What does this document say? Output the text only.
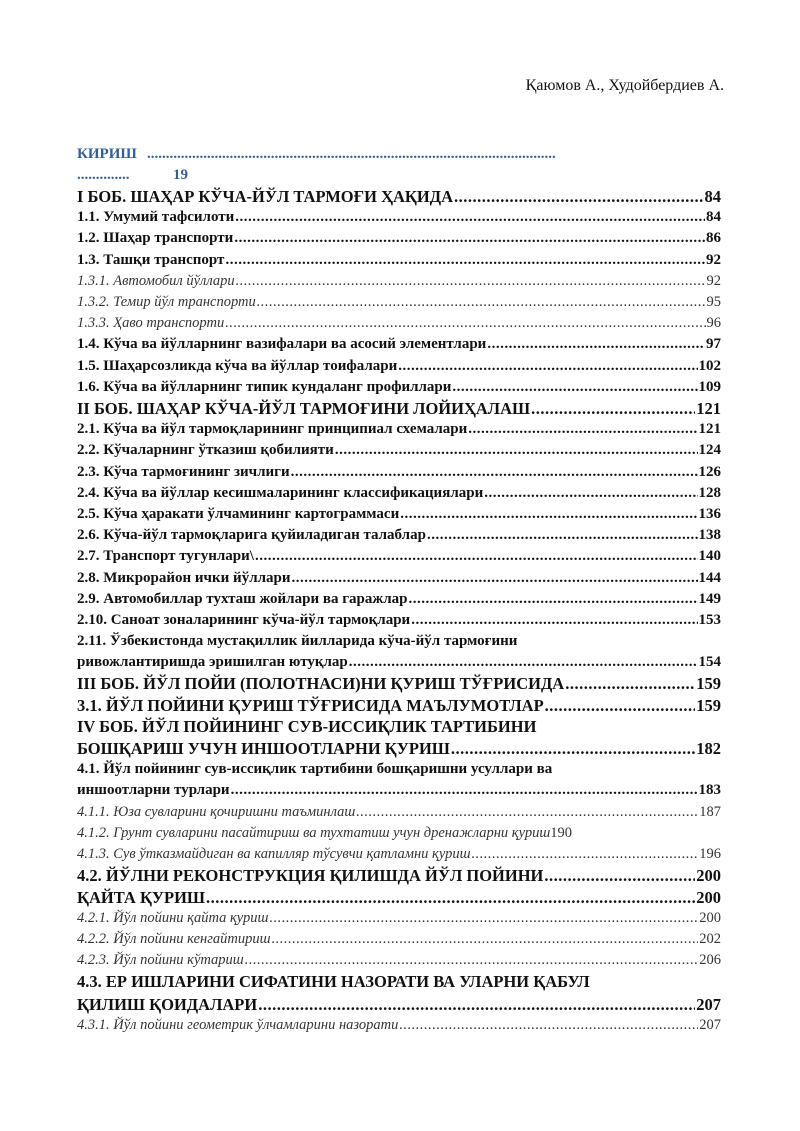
Қаюмов А., Худойбердиев А.
КИРИШ .............................................................................................................
..............	19
I БОБ. ШАҲАР КЎЧА-ЙЎЛ ТАРМОҒИ ҲАҚИДА .....	84
1.1. Умумий тафсилоти .....	84
1.2. Шаҳар транспорти .....	86
1.3. Ташқи транспорт .....	92
1.3.1. Автомобил йўллари .....	92
1.3.2. Темир йўл транспорти .....	95
1.3.3. Ҳаво транспорти .....	96
1.4. Кўча ва йўлларнинг вазифалари ва асосий элементлари .....	97
1.5. Шаҳарсозликда кўча ва йўллар тоифалари .....	102
1.6. Кўча ва йўлларнинг типик кундаланг профиллари .....	109
II БОБ. ШАҲАР КЎЧА-ЙЎЛ ТАРМОҒИНИ ЛОЙИҲАЛАШ .....	121
2.1. Кўча ва йўл тармоқларининг принципиал схемалари .....	121
2.2. Кўчаларнинг ўтказиш қобилияти .....	124
2.3. Кўча тармоғининг зичлиги .....	126
2.4. Кўча ва йўллар кесишмаларининг классификациялари .....	128
2.5. Кўча ҳаракати ўлчамининг картограммаси .....	136
2.6. Кўча-йўл тармоқларига қуйиладиган талаблар .....	138
2.7. Транспорт тугунлари\ .....	140
2.8. Микрорайон ички йўллари .....	144
2.9. Автомобиллар тухташ жойлари ва гаражлар .....	149
2.10. Саноат зоналарининг кўча-йўл тармоқлари .....	153
2.11. Ўзбекистонда мустақиллик йилларида кўча-йўл тармоғини
ривожлантиришда эришилган ютуқлар .....	154
III БОБ. ЙЎЛ ПОЙИ (ПОЛОТНАСИ)НИ ҚУРИШ ТЎҒРИСИДА .....	159
3.1. ЙЎЛ ПОЙИНИ ҚУРИШ ТЎҒРИСИДА МАЪЛУМОТЛАР .....	159
IV БОБ. ЙЎЛ ПОЙИНИНГ СУВ-ИССИҚЛИК ТАРТИБИНИ
БОШҚАРИШ УЧУН ИНШООТЛАРНИ ҚУРИШ .....	182
4.1. Йўл пойининг сув-иссиқлик тартибини бошқаришни усуллари ва
иншоотларни турлари .....	183
4.1.1. Юза сувларини қочиришни таъминлаш .....	187
4.1.2. Грунт сувларини пасайтириш ва тухтатиш учун дренажларни қуриш 190
4.1.3. Сув ўтказмайдиган ва капилляр тўсувчи қатламни қуриш .....	196
4.2. ЙЎЛНИ РЕКОНСТРУКЦИЯ ҚИЛИШДА ЙЎЛ ПОЙИНИ .....	200
ҚАЙТА ҚУРИШ .....	200
4.2.1. Йўл пойини қайта қуриш .....	200
4.2.2. Йўл пойини кенгайтириш .....	202
4.2.3. Йўл пойини кўтариш .....	206
4.3. ЕР ИШЛАРИНИ СИФАТИНИ НАЗОРАТИ ВА УЛАРНИ ҚАБУЛ
ҚИЛИШ ҚОИДАЛАРИ .....	207
4.3.1. Йўл пойини геометрик ўлчамларини назорати .....	207
